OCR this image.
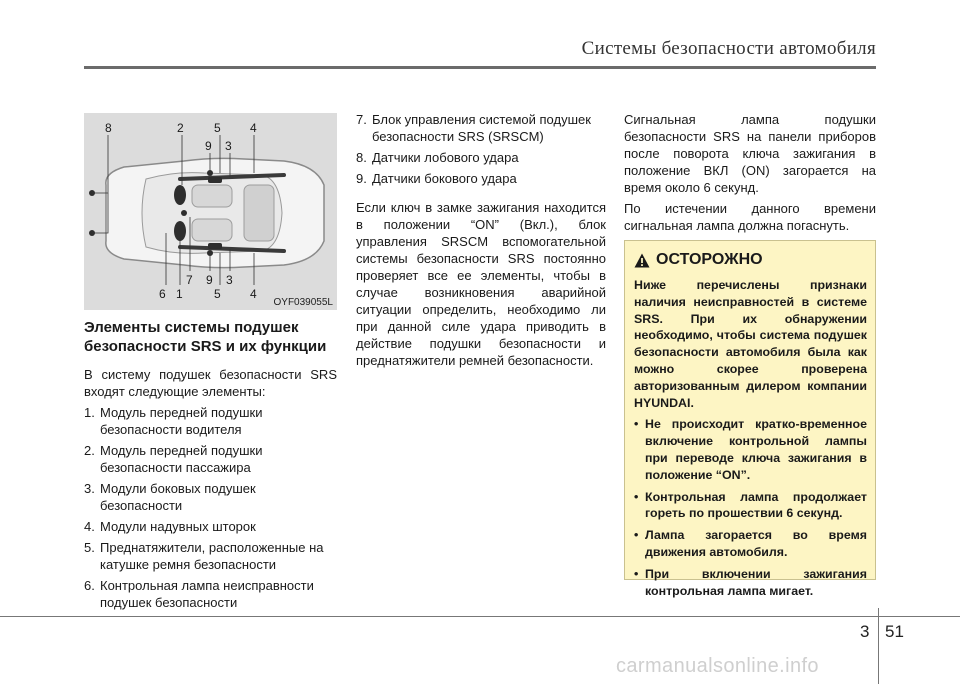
Системы безопасности автомобиля
8	2	5 4
9 3
7 9 3
6 1	5 4
OYF039055L
Элементы системы подушек безопасности SRS и их функции
В систему подушек безопасности SRS входят следующие элементы:
1. Модуль передней подушки безопасности водителя
2. Модуль передней подушки безопасности пассажира
3. Модули боковых подушек безопасности
4. Модули надувных шторок
5. Преднатяжители, расположенные на катушке ремня безопасности
6. Контрольная лампа неисправности подушек безопасности
7. Блок управления системой подушек безопасности SRS (SRSCM)
8. Датчики лобового удара
9. Датчики бокового удара
Если ключ в замке зажигания находится в положении “ON” (Вкл.), блок управления SRSCM вспомогательной системы безопасности SRS постоянно проверяет все ее элементы, чтобы в случае возникновения аварийной ситуации определить, необходимо ли при данной силе удара приводить в действие подушки безопасности и преднатяжители ремней безопасности.
Сигнальная лампа подушки безопасности SRS на панели приборов после поворота ключа зажигания в положение ВКЛ (ON) загорается на время около 6 секунд.
По истечении данного времени сигнальная лампа должна погаснуть.
ОСТОРОЖНО
Ниже перечислены признаки наличия неисправностей в системе SRS. При их обнаружении необходимо, чтобы система подушек безопасности автомобиля была как можно скорее проверена авторизованным дилером компании HYUNDAI.
• Не происходит кратко-временное включение контрольной лампы при переводе ключа зажигания в положение “ON”.
• Контрольная лампа продолжает гореть по прошествии 6 секунд.
• Лампа загорается во время движения автомобиля.
• При включении зажигания контрольная лампа мигает.
3 51
carmanualsonline.info
